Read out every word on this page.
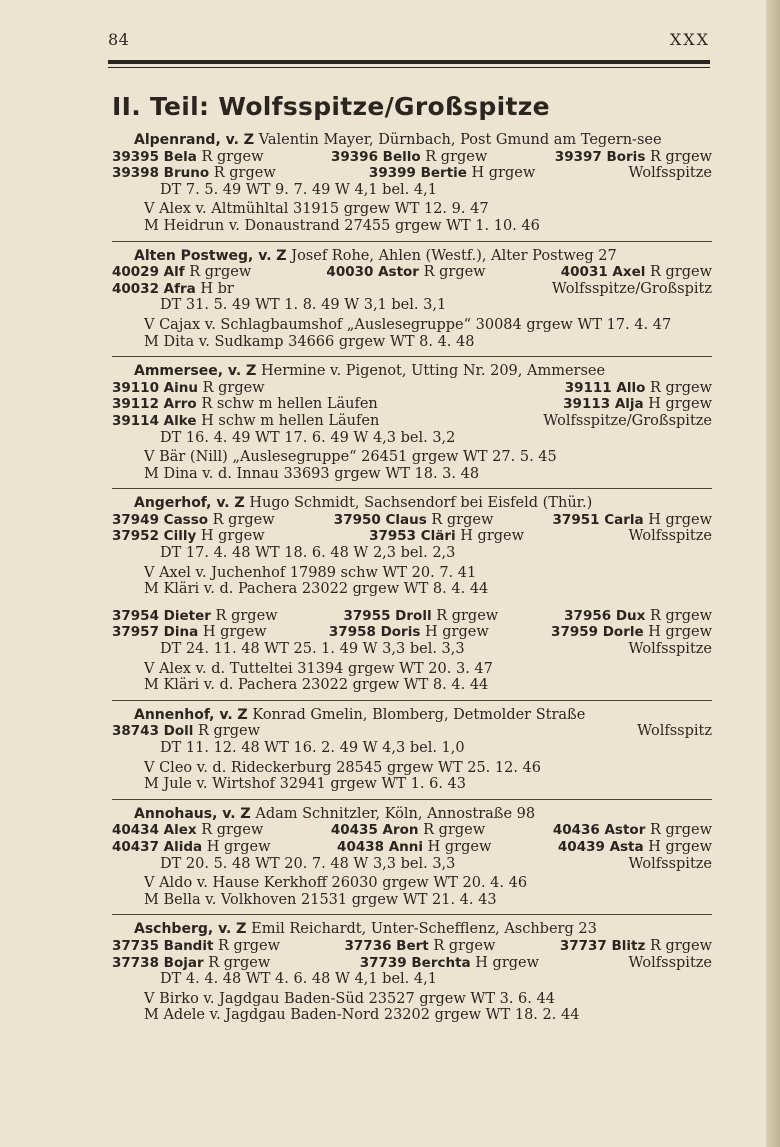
84	XXX
II. Teil: Wolfsspitze/Großspitze
Alpenrand, v. Z Valentin Mayer, Dürnbach, Post Gmund am Tegern-see
39395 Bela R grgew	39396 Bello R grgew	39397 Boris R grgew
39398 Bruno R grgew	39399 Bertie H grgew	Wolfsspitze
DT 7. 5. 49 WT 9. 7. 49 W 4,1 bel. 4,1
V Alex v. Altmühltal 31915 grgew WT 12. 9. 47
M Heidrun v. Donaustrand 27455 grgew WT 1. 10. 46
Alten Postweg, v. Z Josef Rohe, Ahlen (Westf.), Alter Postweg 27
40029 Alf R grgew	40030 Astor R grgew	40031 Axel R grgew
40032 Afra H br	Wolfsspitze/Großspitz
DT 31. 5. 49 WT 1. 8. 49 W 3,1 bel. 3,1
V Cajax v. Schlagbaumshof „Auslesegruppe“ 30084 grgew WT 17. 4. 47
M Dita v. Sudkamp 34666 grgew WT 8. 4. 48
Ammersee, v. Z Hermine v. Pigenot, Utting Nr. 209, Ammersee
39110 Ainu R grgew	39111 Allo R grgew
39112 Arro R schw m hellen Läufen	39113 Alja H grgew
39114 Alke H schw m hellen Läufen	Wolfsspitze/Großspitze
DT 16. 4. 49 WT 17. 6. 49 W 4,3 bel. 3,2
V Bär (Nill) „Auslesegruppe“ 26451 grgew WT 27. 5. 45
M Dina v. d. Innau 33693 grgew WT 18. 3. 48
Angerhof, v. Z Hugo Schmidt, Sachsendorf bei Eisfeld (Thür.)
37949 Casso R grgew	37950 Claus R grgew	37951 Carla H grgew
37952 Cilly H grgew	37953 Cläri H grgew	Wolfsspitze
DT 17. 4. 48 WT 18. 6. 48 W 2,3 bel. 2,3
V Axel v. Juchenhof 17989 schw WT 20. 7. 41
M Kläri v. d. Pachera 23022 grgew WT 8. 4. 44
37954 Dieter R grgew	37955 Droll R grgew	37956 Dux R grgew
37957 Dina H grgew	37958 Doris H grgew	37959 Dorle H grgew
DT 24. 11. 48 WT 25. 1. 49 W 3,3 bel. 3,3	Wolfsspitze
V Alex v. d. Tutteltei 31394 grgew WT 20. 3. 47
M Kläri v. d. Pachera 23022 grgew WT 8. 4. 44
Annenhof, v. Z Konrad Gmelin, Blomberg, Detmolder Straße
38743 Doll R grgew	Wolfsspitz
DT 11. 12. 48 WT 16. 2. 49 W 4,3 bel. 1,0
V Cleo v. d. Rideckerburg 28545 grgew WT 25. 12. 46
M Jule v. Wirtshof 32941 grgew WT 1. 6. 43
Annohaus, v. Z Adam Schnitzler, Köln, Annostraße 98
40434 Alex R grgew	40435 Aron R grgew	40436 Astor R grgew
40437 Alida H grgew	40438 Anni H grgew	40439 Asta H grgew
DT 20. 5. 48 WT 20. 7. 48 W 3,3 bel. 3,3	Wolfsspitze
V Aldo v. Hause Kerkhoff 26030 grgew WT 20. 4. 46
M Bella v. Volkhoven 21531 grgew WT 21. 4. 43
Aschberg, v. Z Emil Reichardt, Unter-Schefflenz, Aschberg 23
37735 Bandit R grgew	37736 Bert R grgew	37737 Blitz R grgew
37738 Bojar R grgew	37739 Berchta H grgew	Wolfsspitze
DT 4. 4. 48 WT 4. 6. 48 W 4,1 bel. 4,1
V Birko v. Jagdgau Baden-Süd 23527 grgew WT 3. 6. 44
M Adele v. Jagdgau Baden-Nord 23202 grgew WT 18. 2. 44
